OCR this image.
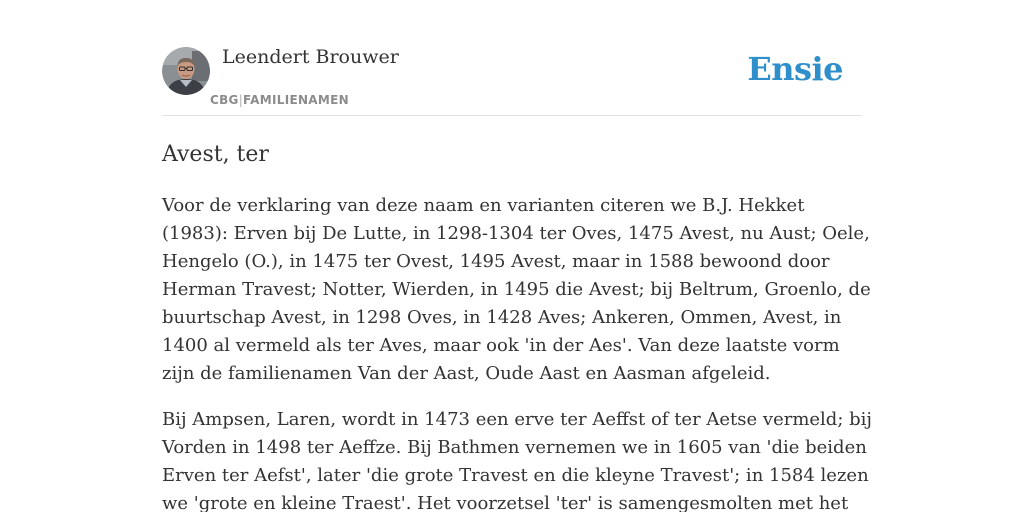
Leendert Brouwer
CBG|FAMILIENAMEN
Ensie
Avest, ter

Voor de verklaring van deze naam en varianten citeren we B.J. Hekket (1983): Erven bij De Lutte, in 1298-1304 ter Oves, 1475 Avest, nu Aust; Oele, Hengelo (O.), in 1475 ter Ovest, 1495 Avest, maar in 1588 bewoond door Herman Travest; Notter, Wierden, in 1495 die Avest; bij Beltrum, Groenlo, de buurtschap Avest, in 1298 Oves, in 1428 Aves; Ankeren, Ommen, Avest, in 1400 al vermeld als ter Aves, maar ook 'in der Aes'. Van deze laatste vorm zijn de familienamen Van der Aast, Oude Aast en Aasman afgeleid.

Bij Ampsen, Laren, wordt in 1473 een erve ter Aeffst of ter Aetse vermeld; bij Vorden in 1498 ter Aeffze. Bij Bathmen vernemen we in 1605 van 'die beiden Erven ter Aefst', later 'die grote Travest en die kleyne Travest'; in 1584 lezen we 'grote en kleine Traest'. Het voorzetsel 'ter' is samengesmolten met het
